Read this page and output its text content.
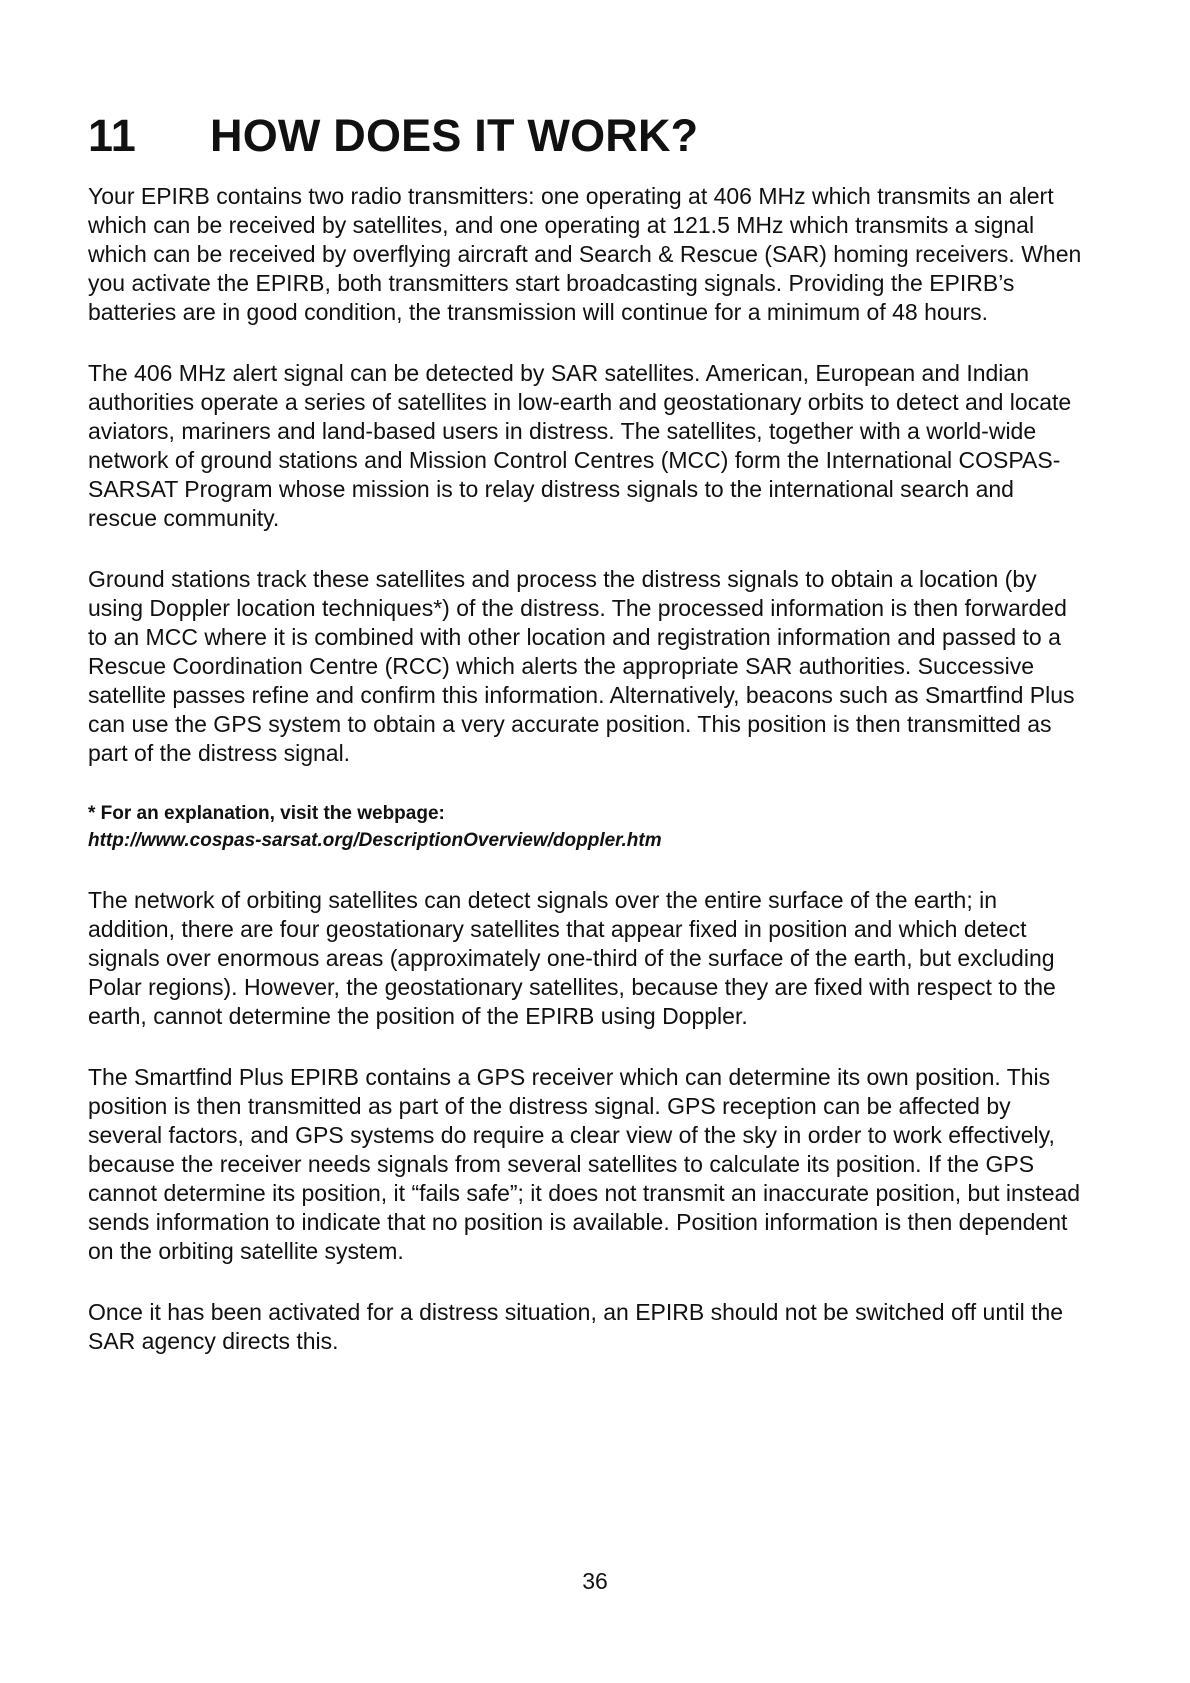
11	HOW DOES IT WORK?

Your EPIRB contains two radio transmitters: one operating at 406 MHz which transmits an alert which can be received by satellites, and one operating at 121.5 MHz which transmits a signal which can be received by overflying aircraft and Search & Rescue (SAR) homing receivers. When you activate the EPIRB, both transmitters start broadcasting signals. Providing the EPIRB’s batteries are in good condition, the transmission will continue for a minimum of 48 hours.

The 406 MHz alert signal can be detected by SAR satellites. American, European and Indian authorities operate a series of satellites in low-earth and geostationary orbits to detect and locate aviators, mariners and land-based users in distress. The satellites, together with a world-wide network of ground stations and Mission Control Centres (MCC) form the International COSPAS-SARSAT Program whose mission is to relay distress signals to the international search and rescue community.

Ground stations track these satellites and process the distress signals to obtain a location (by using Doppler location techniques*) of the distress. The processed information is then forwarded to an MCC where it is combined with other location and registration information and passed to a Rescue Coordination Centre (RCC) which alerts the appropriate SAR authorities. Successive satellite passes refine and confirm this information. Alternatively, beacons such as Smartfind Plus can use the GPS system to obtain a very accurate position. This position is then transmitted as part of the distress signal.

* For an explanation, visit the webpage:
http://www.cospas-sarsat.org/DescriptionOverview/doppler.htm

The network of orbiting satellites can detect signals over the entire surface of the earth; in addition, there are four geostationary satellites that appear fixed in position and which detect signals over enormous areas (approximately one-third of the surface of the earth, but excluding Polar regions). However, the geostationary satellites, because they are fixed with respect to the earth, cannot determine the position of the EPIRB using Doppler.

The Smartfind Plus EPIRB contains a GPS receiver which can determine its own position. This position is then transmitted as part of the distress signal. GPS reception can be affected by several factors, and GPS systems do require a clear view of the sky in order to work effectively, because the receiver needs signals from several satellites to calculate its position. If the GPS cannot determine its position, it “fails safe”; it does not transmit an inaccurate position, but instead sends information to indicate that no position is available. Position information is then dependent on the orbiting satellite system.

Once it has been activated for a distress situation, an EPIRB should not be switched off until the SAR agency directs this.

36
